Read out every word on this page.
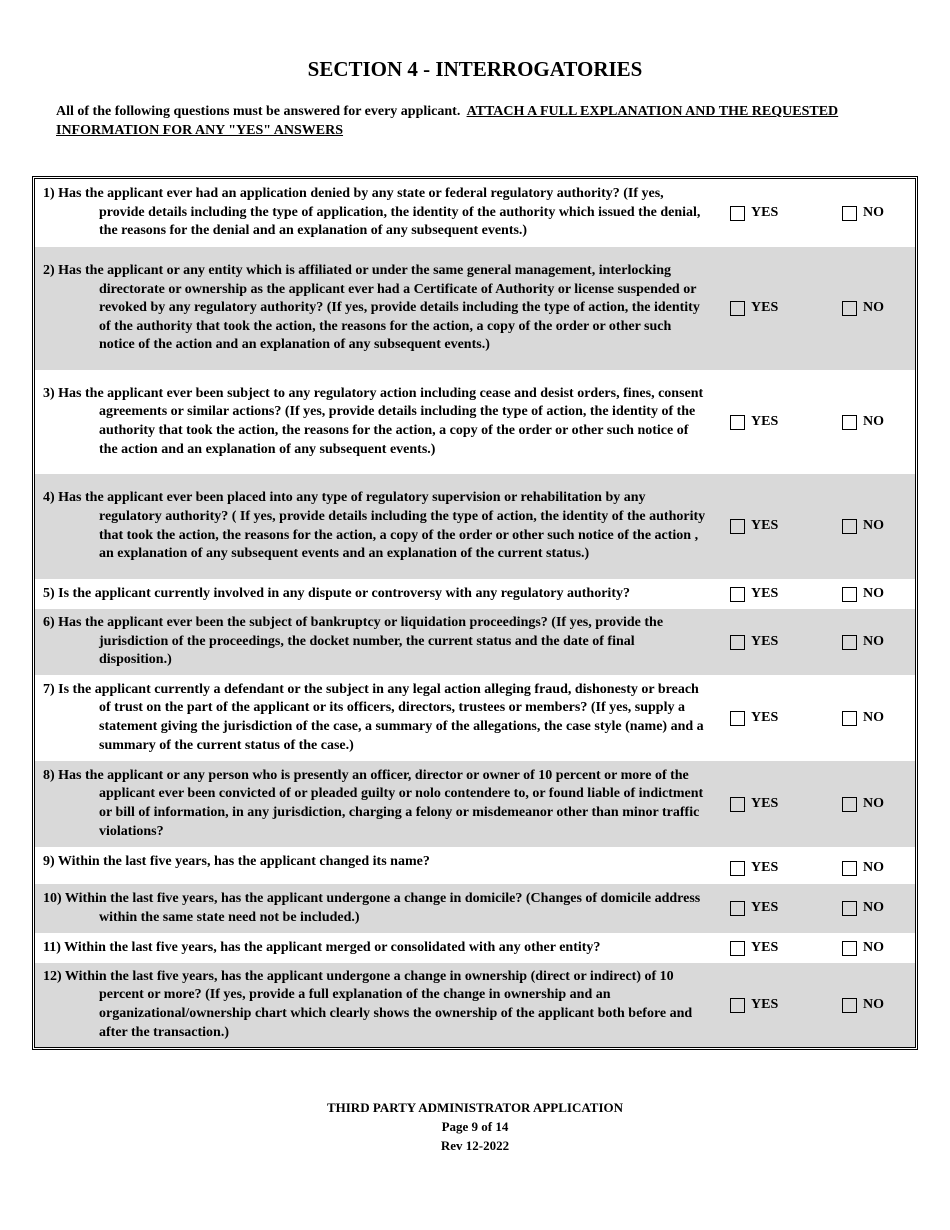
SECTION 4 - INTERROGATORIES
All of the following questions must be answered for every applicant. ATTACH A FULL EXPLANATION AND THE REQUESTED INFORMATION FOR ANY "YES" ANSWERS
1) Has the applicant ever had an application denied by any state or federal regulatory authority? (If yes, provide details including the type of application, the identity of the authority which issued the denial, the reasons for the denial and an explanation of any subsequent events.)
YES	NO
2) Has the applicant or any entity which is affiliated or under the same general management, interlocking directorate or ownership as the applicant ever had a Certificate of Authority or license suspended or revoked by any regulatory authority? (If yes, provide details including the type of action, the identity of the authority that took the action, the reasons for the action, a copy of the order or other such notice of the action and an explanation of any subsequent events.)
YES	NO
3) Has the applicant ever been subject to any regulatory action including cease and desist orders, fines, consent agreements or similar actions? (If yes, provide details including the type of action, the identity of the authority that took the action, the reasons for the action, a copy of the order or other such notice of the action and an explanation of any subsequent events.)
YES	NO
4) Has the applicant ever been placed into any type of regulatory supervision or rehabilitation by any regulatory authority? ( If yes, provide details including the type of action, the identity of the authority that took the action, the reasons for the action, a copy of the order or other such notice of the action , an explanation of any subsequent events and an explanation of the current status.)
YES	NO
5) Is the applicant currently involved in any dispute or controversy with any regulatory authority?	YES	NO
6) Has the applicant ever been the subject of bankruptcy or liquidation proceedings? (If yes, provide the jurisdiction of the proceedings, the docket number, the current status and the date of final disposition.)
YES	NO
7) Is the applicant currently a defendant or the subject in any legal action alleging fraud, dishonesty or breach of trust on the part of the applicant or its officers, directors, trustees or members? (If yes, supply a statement giving the jurisdiction of the case, a summary of the allegations, the case style (name) and a summary of the current status of the case.)
YES	NO
8) Has the applicant or any person who is presently an officer, director or owner of 10 percent or more of the applicant ever been convicted of or pleaded guilty or nolo contendere to, or found liable of indictment or bill of information, in any jurisdiction, charging a felony or misdemeanor other than minor traffic violations?
YES	NO
9) Within the last five years, has the applicant changed its name?	YES	NO
10) Within the last five years, has the applicant undergone a change in domicile? (Changes of domicile address within the same state need not be included.)
YES	NO
11) Within the last five years, has the applicant merged or consolidated with any other entity?	YES	NO
12) Within the last five years, has the applicant undergone a change in ownership (direct or indirect) of 10 percent or more? (If yes, provide a full explanation of the change in ownership and an organizational/ownership chart which clearly shows the ownership of the applicant both before and after the transaction.)
YES	NO
THIRD PARTY ADMINISTRATOR APPLICATION
Page 9 of 14
Rev 12-2022
